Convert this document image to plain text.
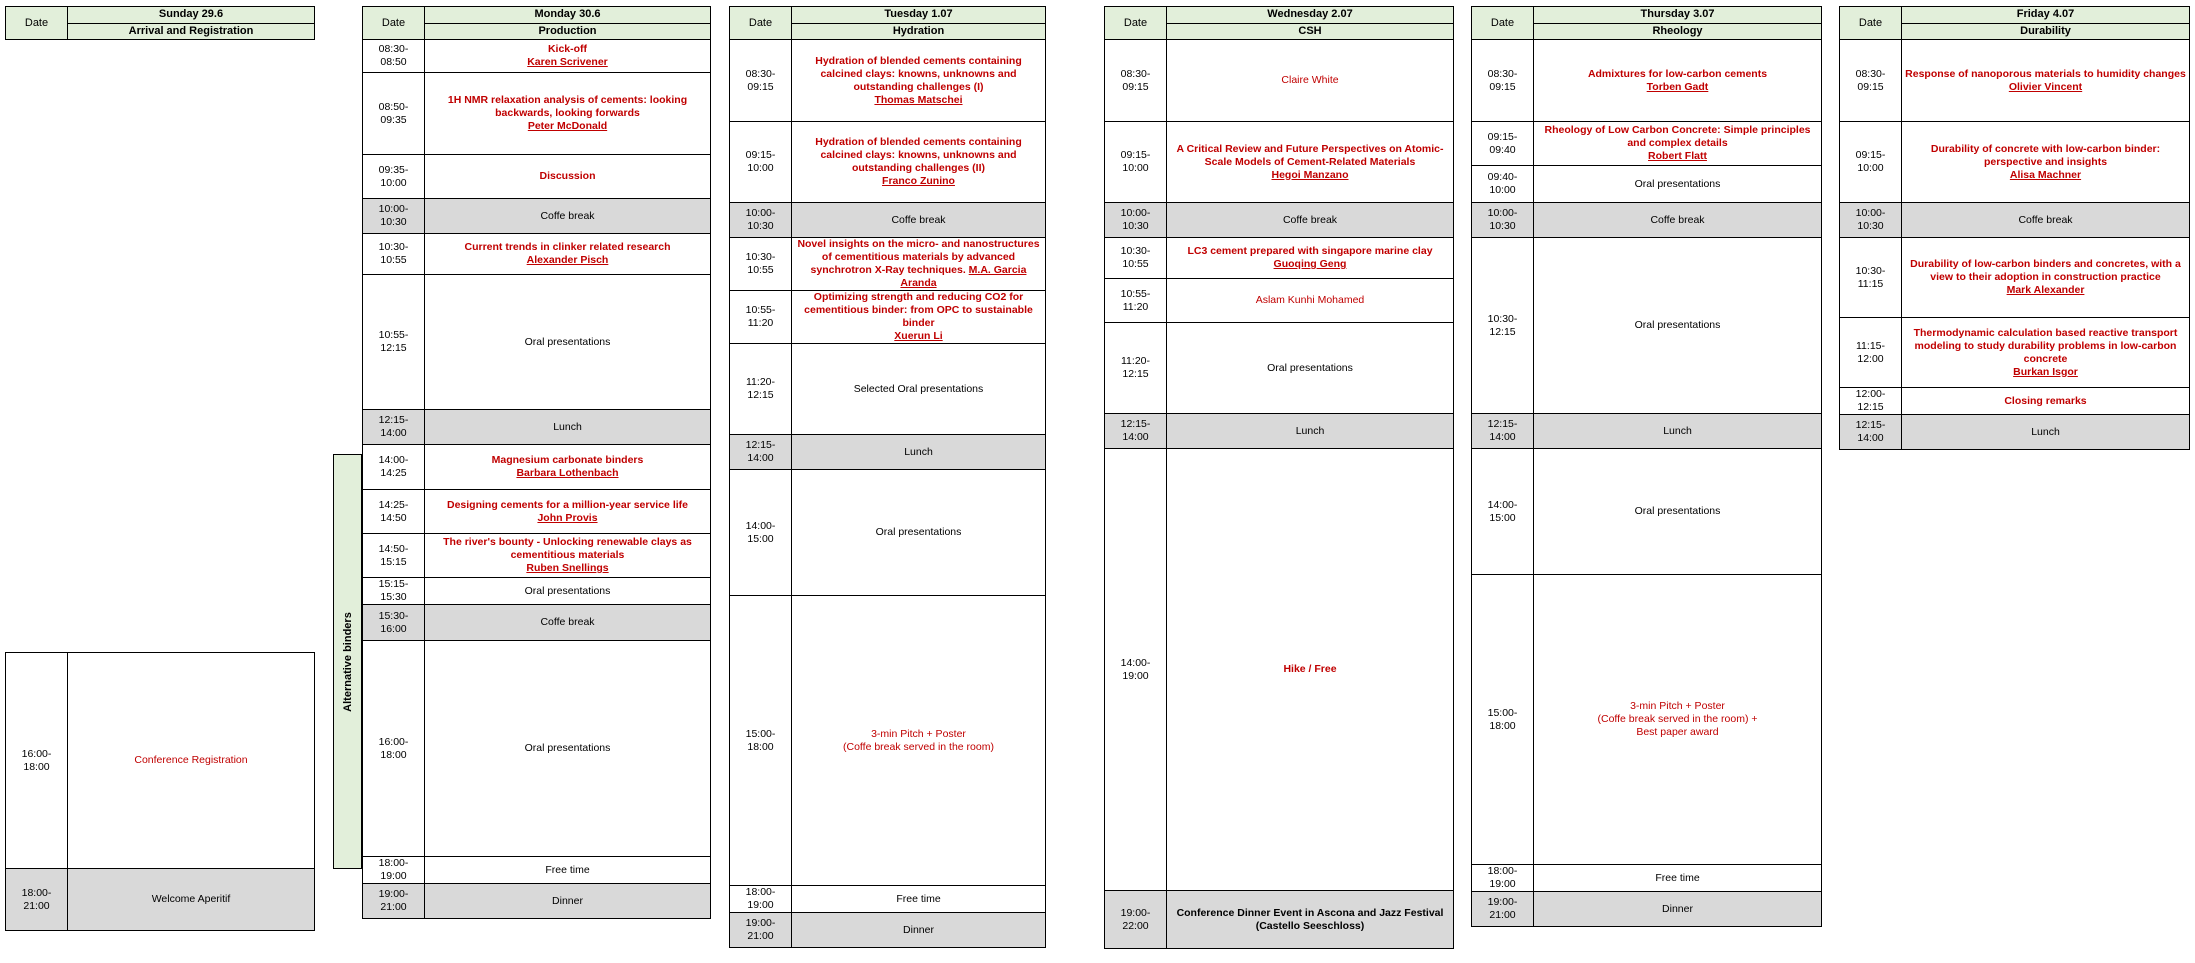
Date	Sunday 29.6
Arrival and Registration
16:00-18:00	Conference Registration
18:00-21:00	Welcome Aperitif
Alternative binders
Date	Monday 30.6
	Production
08:30-08:50	Kick-off
Karen Scrivener

08:50-09:35	1H NMR relaxation analysis of cements: looking backwards, looking forwards
Peter McDonald

09:35-10:00	Discussion
10:00-10:30	Coffe break
10:30-10:55	Current trends in clinker related research
Alexander Pisch

10:55-12:15	Oral presentations
12:15-14:00	Lunch
14:00-14:25	Magnesium carbonate binders
Barbara Lothenbach

14:25-14:50	Designing cements for a million-year service life
John Provis

14:50-15:15	The river's bounty - Unlocking renewable clays as cementitious materials
Ruben Snellings

15:15-15:30	Oral presentations
15:30-16:00	Coffe break
16:00-18:00	Oral presentations
18:00-19:00	Free time
19:00-21:00	Dinner
Date	Tuesday 1.07
	Hydration
08:30-09:15	Hydration of blended cements containing calcined clays: knowns, unknowns and outstanding challenges (I)
Thomas Matschei

09:15-10:00	Hydration of blended cements containing calcined clays: knowns, unknowns and outstanding challenges (II)
Franco Zunino

10:00-10:30	Coffe break
10:30-10:55	Novel insights on the micro- and nanostructures of cementitious materials by advanced synchrotron X-Ray techniques. M.A. Garcia Aranda
10:55-11:20	Optimizing strength and reducing CO2 for cementitious binder: from OPC to sustainable binder
Xuerun Li

11:20-12:15	Selected Oral presentations
12:15-14:00	Lunch
14:00-15:00	Oral presentations
15:00-18:00	3-min Pitch + Poster
(Coffe break served in the room)
18:00-19:00	Free time
19:00-21:00	Dinner
Date	Wednesday 2.07
	CSH
08:30-09:15	Claire White
09:15-10:00	A Critical Review and Future Perspectives on Atomic-Scale Models of Cement-Related Materials
Hegoi Manzano

10:00-10:30	Coffe break
10:30-10:55	LC3 cement prepared with singapore marine clay
Guoqing Geng

10:55-11:20	Aslam Kunhi Mohamed
11:20-12:15	Oral presentations
12:15-14:00	Lunch
14:00-19:00	Hike / Free
19:00-22:00	Conference Dinner Event in Ascona and Jazz Festival
(Castello Seeschloss)
Date	Thursday 3.07
	Rheology
08:30-09:15	Admixtures for low-carbon cements
Torben Gadt

09:15-09:40	Rheology of Low Carbon Concrete: Simple principles and complex details
Robert Flatt

09:40-10:00	Oral presentations
10:00-10:30	Coffe break
10:30-12:15	Oral presentations
12:15-14:00	Lunch
14:00-15:00	Oral presentations
15:00-18:00	3-min Pitch + Poster
(Coffe break served in the room) +
Best paper award
18:00-19:00	Free time
19:00-21:00	Dinner
Date	Friday 4.07
	Durability
08:30-09:15	Response of nanoporous materials to humidity changes
Olivier Vincent

09:15-10:00	Durability of concrete with low-carbon binder: perspective and insights
Alisa Machner

10:00-10:30	Coffe break
10:30-11:15	Durability of low-carbon binders and concretes, with a view to their adoption in construction practice
Mark Alexander

11:15-12:00	Thermodynamic calculation based reactive transport modeling to study durability problems in low-carbon concrete
Burkan Isgor

12:00-12:15	Closing remarks
12:15-14:00	Lunch
